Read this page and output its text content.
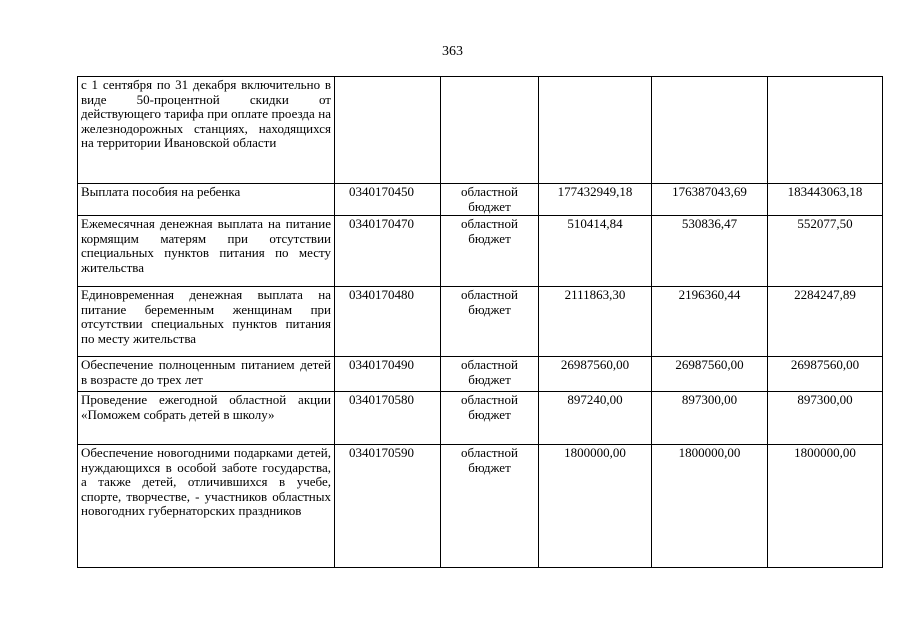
363
с 1 сентября по 31 декабря включительно в виде 50-процентной скидки от действующего тарифа при оплате проезда на железнодорожных станциях, находящихся на территории Ивановской области					
Выплата пособия на ребенка	0340170450	областной бюджет	177432949,18	176387043,69	183443063,18
Ежемесячная денежная выплата на питание кормящим матерям при отсутствии специальных пунктов питания по месту жительства	0340170470	областной бюджет	510414,84	530836,47	552077,50
Единовременная денежная выплата на питание беременным женщинам при отсутствии специальных пунктов питания по месту жительства	0340170480	областной бюджет	2111863,30	2196360,44	2284247,89
Обеспечение полноценным питанием детей в возрасте до трех лет	0340170490	областной бюджет	26987560,00	26987560,00	26987560,00
Проведение ежегодной областной акции «Поможем собрать детей в школу»	0340170580	областной бюджет	897240,00	897300,00	897300,00
Обеспечение новогодними подарками детей, нуждающихся в особой заботе государства, а также детей, отличившихся в учебе, спорте, творчестве, - участников областных новогодних губернаторских праздников	0340170590	областной бюджет	1800000,00	1800000,00	1800000,00
